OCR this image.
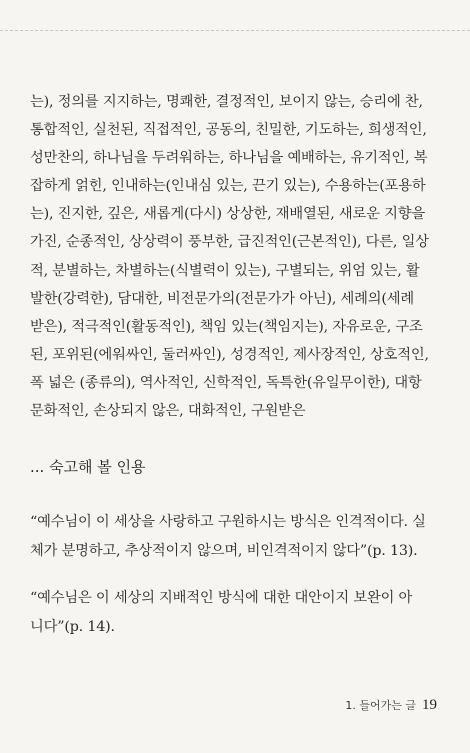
는), 정의를 지지하는, 명쾌한, 결정적인, 보이지 않는, 승리에 찬,
통합적인, 실천된, 직접적인, 공동의, 친밀한, 기도하는, 희생적인,
성만찬의, 하나님을 두려워하는, 하나님을 예배하는, 유기적인, 복
잡하게 얽힌, 인내하는(인내심 있는, 끈기 있는), 수용하는(포용하
는), 진지한, 깊은, 새롭게(다시) 상상한, 재배열된, 새로운 지향을
가진, 순종적인, 상상력이 풍부한, 급진적인(근본적인), 다른, 일상
적, 분별하는, 차별하는(식별력이 있는), 구별되는, 위엄 있는, 활
발한(강력한), 담대한, 비전문가의(전문가가 아닌), 세례의(세례
받은), 적극적인(활동적인), 책임 있는(책임지는), 자유로운, 구조
된, 포위된(에워싸인, 둘러싸인), 성경적인, 제사장적인, 상호적인,
폭 넓은 (종류의), 역사적인, 신학적인, 독특한(유일무이한), 대항
문화적인, 손상되지 않은, 대화적인, 구원받은

... 숙고해 볼 인용

“예수님이 이 세상을 사랑하고 구원하시는 방식은 인격적이다. 실
체가 분명하고, 추상적이지 않으며, 비인격적이지 않다”(p. 13).

“예수님은 이 세상의 지배적인 방식에 대한 대안이지 보완이 아
니다”(p. 14).

1. 들어가는 글 19
